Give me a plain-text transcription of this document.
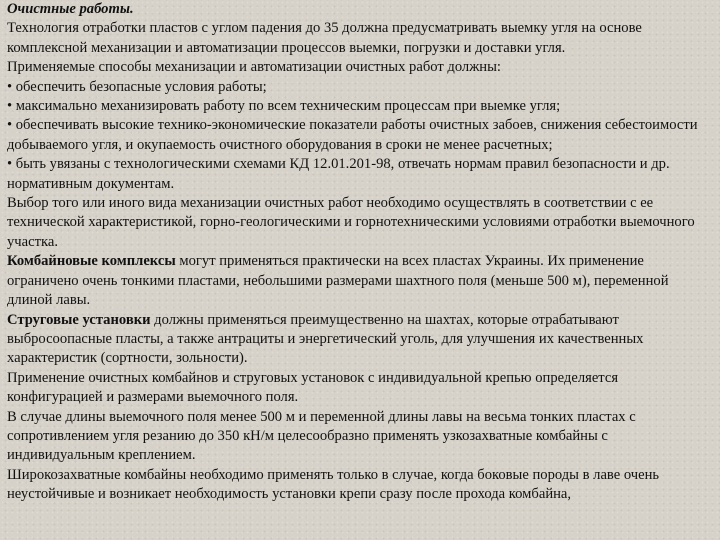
Очистные работы.

Технология отработки пластов с углом падения до 35 должна предусматривать выемку угля на основе комплексной механизации и автоматизации процессов выемки, погрузки и доставки угля.

Применяемые способы механизации и автоматизации очистных работ должны:

• обеспечить безопасные условия работы;

• максимально механизировать работу по всем техническим процессам при выемке угля;

• обеспечивать высокие технико-экономические показатели работы очистных забоев, снижения себестоимости добываемого угля, и окупаемость очистного оборудования в сроки не менее расчетных;

• быть увязаны с технологическими схемами КД 12.01.201-98, отвечать нормам правил безопасности и др. нормативным документам.

Выбор того или иного вида механизации очистных работ необходимо осуществлять в соответствии с ее технической характеристикой, горно-геологическими и горнотехническими условиями отработки выемочного участка.

Комбайновые комплексы могут применяться практически на всех пластах Украины. Их применение ограничено очень тонкими пластами, небольшими размерами шахтного поля (меньше 500 м), переменной длиной лавы.

Струговые установки должны применяться преимущественно на шахтах, которые отрабатывают выбросоопасные пласты, а также антрациты и энергетический уголь, для улучшения их качественных характеристик (сортности, зольности).

Применение очистных комбайнов и струговых установок с индивидуальной крепью определяется конфигурацией и размерами выемочного поля.

В случае длины выемочного поля менее 500 м и переменной длины лавы на весьма тонких пластах с сопротивлением угля резанию до 350 кН/м целесообразно применять узкозахватные комбайны с индивидуальным креплением.

Широкозахватные комбайны необходимо применять только в случае, когда боковые породы в лаве очень неустойчивые и возникает необходимость установки крепи сразу после прохода комбайна,
